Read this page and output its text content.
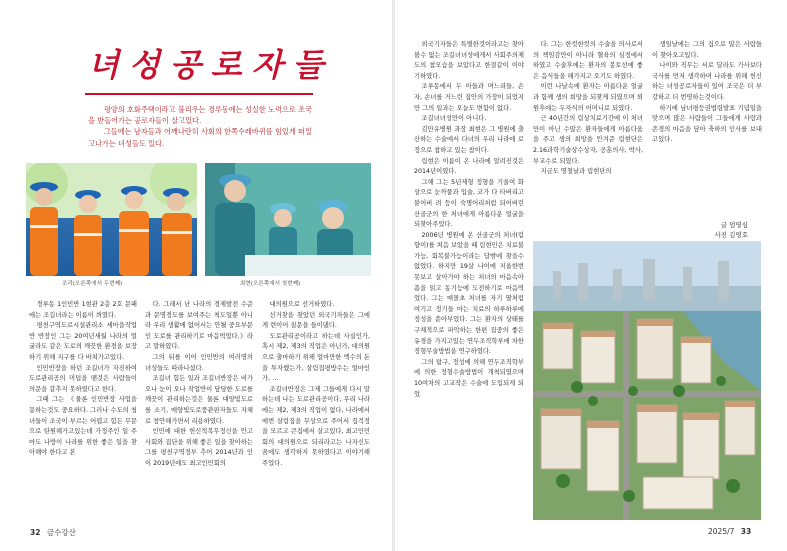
녀성공로자들

평양의 호화주택이라고 불리우는 경루동에는 성실한 노력으로 조국을 받들어가는 공로자들이 살고있다.

그들에는 남자들과 어깨나란히 사회의 한쪽수레바퀴를 힘있게 떠밀고나가는 녀성들도 있다.

조리(오른쪽에서 두번째)	최현(오른쪽에서 첫번째)

경루동 1인민반 1현관 2층 2호 문패에는 조길녀라는 이름이 씌였다.

평천구역도로시설관리소 세마을작업반 반장인 그는 20여년세월 나라의 얼굴라도 같은 도로의 깨끗한 환경을 보장하기 위해 지구를 다 바쳐가고있다.

인민반장을 하던 조길녀가 자진하여 도로관리공의 미덥을 땐것은 사람들이 의문을 갈추지 못하였다고 한다.

그때 그는 《물론 인민반장 사업을 몽하는것도 중요하다. 그러나 수도의 청녀들이 조국이 부르는 어렵고 힘든 무문으로 탄원해가고있는데 가정주인 일 주마도 나방이 나라를 위한 좋은 일을 찾아해야 한다고 본

다. 그래서 난 나라의 경제발전 수준과 문명정도를 보여주는 척도일뿐 아니라 우리 생활에 없어서는 안될 중요부문인 도로를 관리하기로 마음먹었다.》라고 말하였다.

그의 뒤를 이어 인민반의 여러명의 녀성들도 따라나섰다.

조길녀 힘든 일과 조길녀반장은 비가 오나 눈이 오나 작업반이 담당한 도로를 깨끗이 관리하는것은 물론 대양빛도로를 소기, 매양빛도로풍관판자들도 자체로 창안해가면서 리용하였다.

인민에 대한 헌신적복무정신을 안고 사회와 집단을 위해 좋은 일을 찾아하는 그를 평천구역정부 추어 2014년과 인 이 2019년에도 최고인민회의

대의원으로 선거하였다.

선거찾을 찾았던 외국기자들은 그에게 련이어 질문을 들이댔다.

도로관리공이라고 하는데 사실인가, 혹시 제2, 제3의 직업은 아닌가, 대의원으로 출마하기 위해 얼마만한 액수의 돈을 투자했는가, 살림집평방수는 얼마인가, …

조길녀반장은 그제 그들에게 다시 말하는데 나는 도로관리공이다, 우리 나라에는 제2, 제3의 직업이 없다, 나라에서 매번 살림집을 무상으로 주어서 집걱정을 모르고 큰집에서 살고있다, 최고인민회의 대의원으로 되리라고는 나자신도 꿈에도 생각하지 못하였다고 이야기해주었다.

32 금수강산

외국기자들은 특별한것이라고는 찾아볼수 없는 조길녀녀성에게서 사회주의제도의 참모습을 보았다고 한결같이 이야기하였다.

조루동에서 두 아들과 며느리들, 손자, 손녀를 거느린 집안의 가장이 되었지만 그의 일과는 오늘도 변함이 없다.

조길녀녀성만이 아니다.

김만유병원 과장 최현은 그 병원에 출산하는 수술에서 다녀의 우리 나라에 로정으로 참하고 있는 참이다.

림현은 이름이 온 나라에 알려진것은 2014년이였다.

그해 그는 5년제형 정형을 기울여 화상으로 눈까풀과 입술, 코가 다 타버리고 붙어버 려 등이 숙명어리처럼 되어버린 산골군의 한 처녀에게 아름다운 얼굴을 되찾아주었다.

2006년 병원에 온 산골군의 처녀(림향이)를 처음 보았을 때 림현민은 치료불가능, 회복불가능이라는 답밖에 찾을수 없었다. 하지만 19살 나이에 지울한번 못보고 살아가야 하는 처녀의 마음속아픔을 읽고 동기능에 도전하기로 마음먹었다. 그는 매몰초 처녀를 자기 딸처럼 여기고 정기들 마는 치료의 하루하루에 정성을 쏟아부었다. 그는 환자의 상태를 구체적으로 파악하는 한편 집중의 좋은 유경을 가지고있는 연두조직학부에 차한 정형무술방법을 연구하였다.

그의 탐구, 정성에 의해 연두조직학부에 의한 정형수술방법이 개척되였으며 10여차의 고교작은 수술에 도입되게 되었

다. 그는 한컷한컷의 수술을 의사로서의 책임감만이 아니라 혈육의 심정에서 하였고 수술후에는 환자의 봉토선에 좋은 음식들을 해가지고 오기도 하였다.

이런 나날속에 환자는 아름다운 얼굴과 함께 생의 희망을 되찾게 되였으며 퇴원후에는 두자식의 어머니로 되였다.

근 40년간의 림상치료기간에 이 처녀만이 아닌 수많은 환자들에게 아름다움을 주고 생의 희망을 안겨준 림현단은 2.16과학기술상수상자, 공훈의사, 박사, 부교수로 되였다.

지금도 명철날과 림현단의

생일날에는 그의 집으로 많은 사람들이 찾아오고있다.

나이와 직무는 서로 달라도 가사보다 국사를 먼저 생각하며 나라를 위해 헌신하는 녀성공로자들이 있어 조국은 더 부강하고 더 번영하는것이다.

하기에 남녀평등권법령발표 기념일을 맞으며 많은 사람들이 그들에게 사랑과 존경의 마음을 담아 축하의 인사를 보내고있다.

글 엄영심
사진 김영호
2025/7 33
